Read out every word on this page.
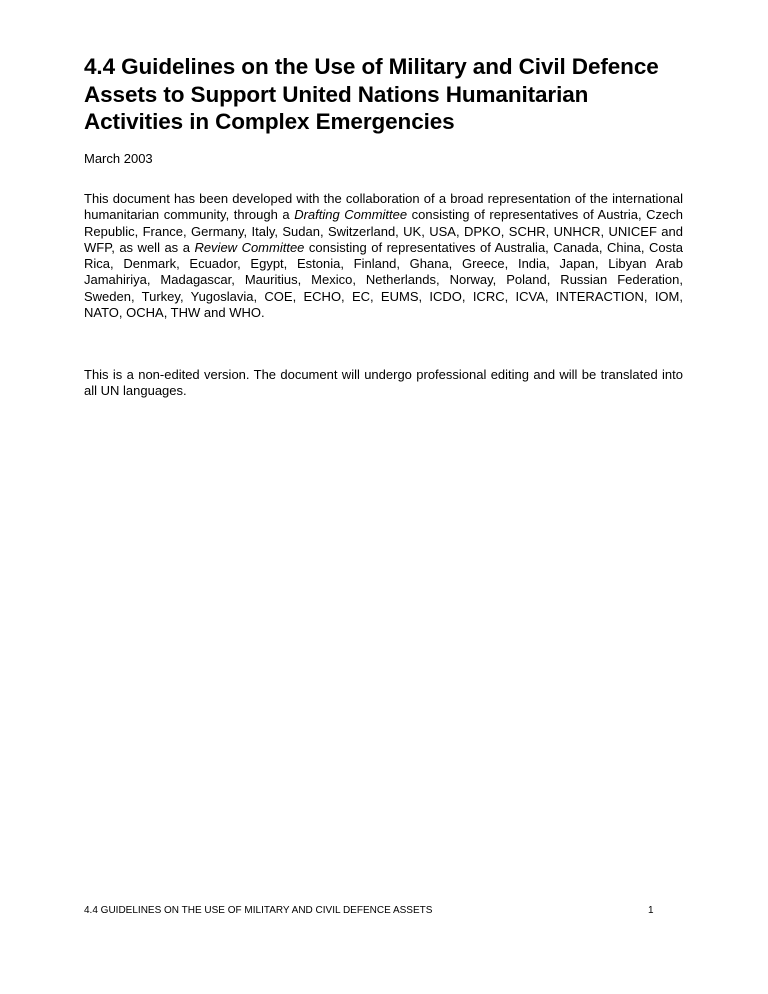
4.4 Guidelines on the Use of Military and Civil Defence Assets to Support United Nations Humanitarian Activities in Complex Emergencies

March 2003

This document has been developed with the collaboration of a broad representation of the international humanitarian community, through a Drafting Committee consisting of representatives of Austria, Czech Republic, France, Germany, Italy, Sudan, Switzerland, UK, USA, DPKO, SCHR, UNHCR, UNICEF and WFP, as well as a Review Committee consisting of representatives of Australia, Canada, China, Costa Rica, Denmark, Ecuador, Egypt, Estonia, Finland, Ghana, Greece, India, Japan, Libyan Arab Jamahiriya, Madagascar, Mauritius, Mexico, Netherlands, Norway, Poland, Russian Federation, Sweden, Turkey, Yugoslavia, COE, ECHO, EC, EUMS, ICDO, ICRC, ICVA, INTERACTION, IOM, NATO, OCHA, THW and WHO.

This is a non-edited version. The document will undergo professional editing and will be translated into all UN languages.

4.4 GUIDELINES ON THE USE OF MILITARY AND CIVIL DEFENCE ASSETS	1
